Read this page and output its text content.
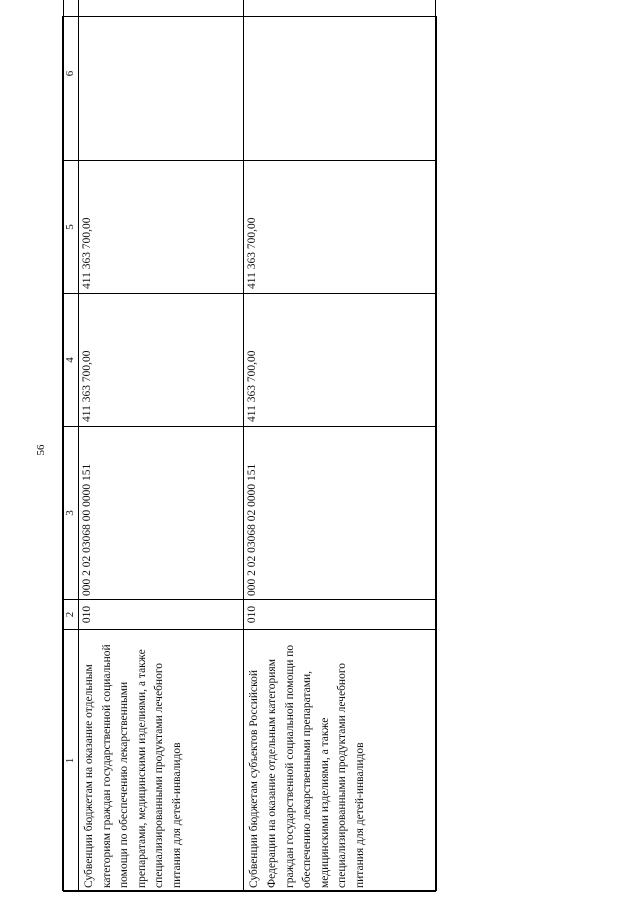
56
1	2	3	4	5	6
Субвенции бюджетам на оказание отдельным категориям граждан государственной социальной помощи по обеспечению лекарственными препаратами, медицинскими изделиями, а также специализированными продуктами лечебного питания для детей-инвалидов	010	000 2 02 03068 00 0000 151	411 363 700,00	411 363 700,00	
Субвенции бюджетам субъектов Российской Федерации на оказание отдельным категориям граждан государственной социальной помощи по обеспечению лекарственными препаратами, медицинскими изделиями, а также специализированными продуктами лечебного питания для детей-инвалидов	010	000 2 02 03068 02 0000 151	411 363 700,00	411 363 700,00	
